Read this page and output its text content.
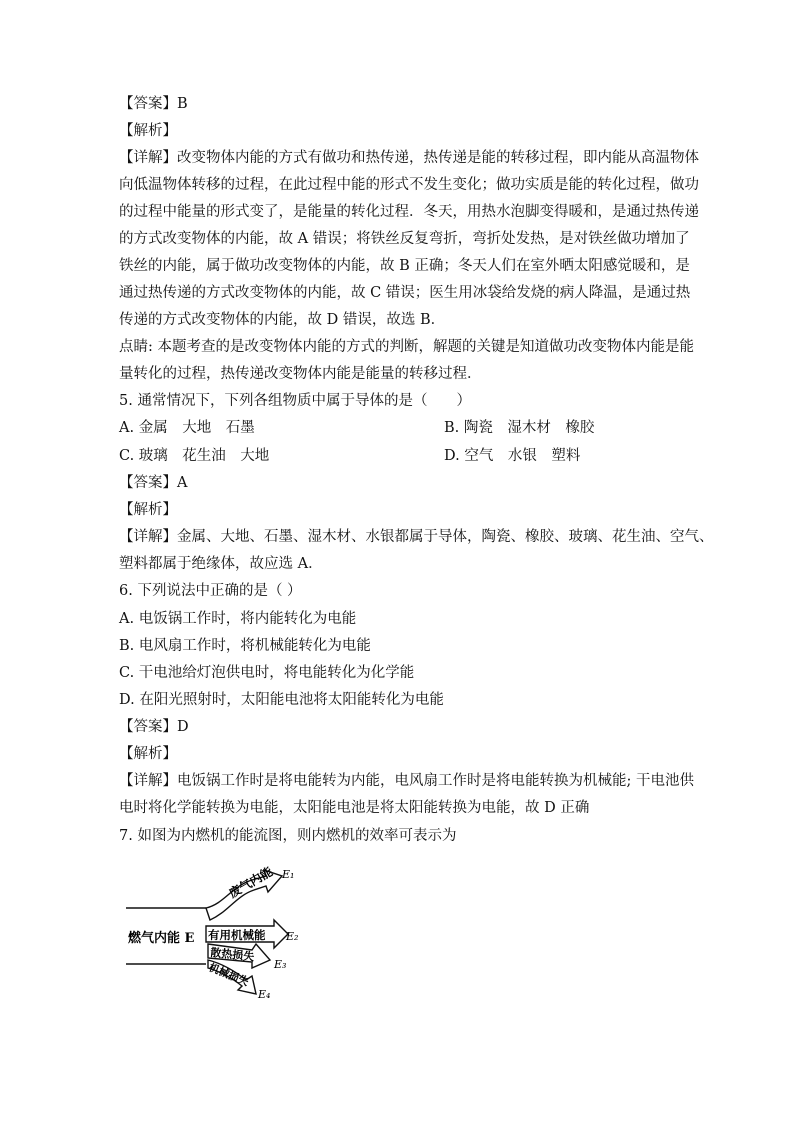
【答案】B
【解析】
【详解】改变物体内能的方式有做功和热传递，热传递是能的转移过程，即内能从高温物体
向低温物体转移的过程，在此过程中能的形式不发生变化；做功实质是能的转化过程，做功
的过程中能量的形式变了，是能量的转化过程．冬天，用热水泡脚变得暖和，是通过热传递
的方式改变物体的内能，故 A 错误；将铁丝反复弯折，弯折处发热，是对铁丝做功增加了
铁丝的内能，属于做功改变物体的内能，故 B 正确；冬天人们在室外晒太阳感觉暖和，是
通过热传递的方式改变物体的内能，故 C 错误；医生用冰袋给发烧的病人降温，是通过热
传递的方式改变物体的内能，故 D 错误，故选 B．
点睛: 本题考查的是改变物体内能的方式的判断，解题的关键是知道做功改变物体内能是能
量转化的过程，热传递改变物体内能是能量的转移过程．
5. 通常情况下，下列各组物质中属于导体的是（　　）
A. 金属　大地　石墨	B. 陶瓷　湿木材　橡胶
C. 玻璃　花生油　大地	D. 空气　水银　塑料
【答案】A
【解析】
【详解】金属、大地、石墨、湿木材、水银都属于导体，陶瓷、橡胶、玻璃、花生油、空气、
塑料都属于绝缘体，故应选 A．
6. 下列说法中正确的是（ ）
A. 电饭锅工作时，将内能转化为电能
B. 电风扇工作时，将机械能转化为电能
C. 干电池给灯泡供电时，将电能转化为化学能
D. 在阳光照射时，太阳能电池将太阳能转化为电能
【答案】D
【解析】
【详解】电饭锅工作时是将电能转为内能，电风扇工作时是将电能转换为机械能; 干电池供
电时将化学能转换为电能，太阳能电池是将太阳能转换为电能，故 D 正确
7. 如图为内燃机的能流图，则内燃机的效率可表示为
废气内能
有用机械能
散热损失
机械损失
燃气内能 E
E₁
E₂
E₃
E₄
